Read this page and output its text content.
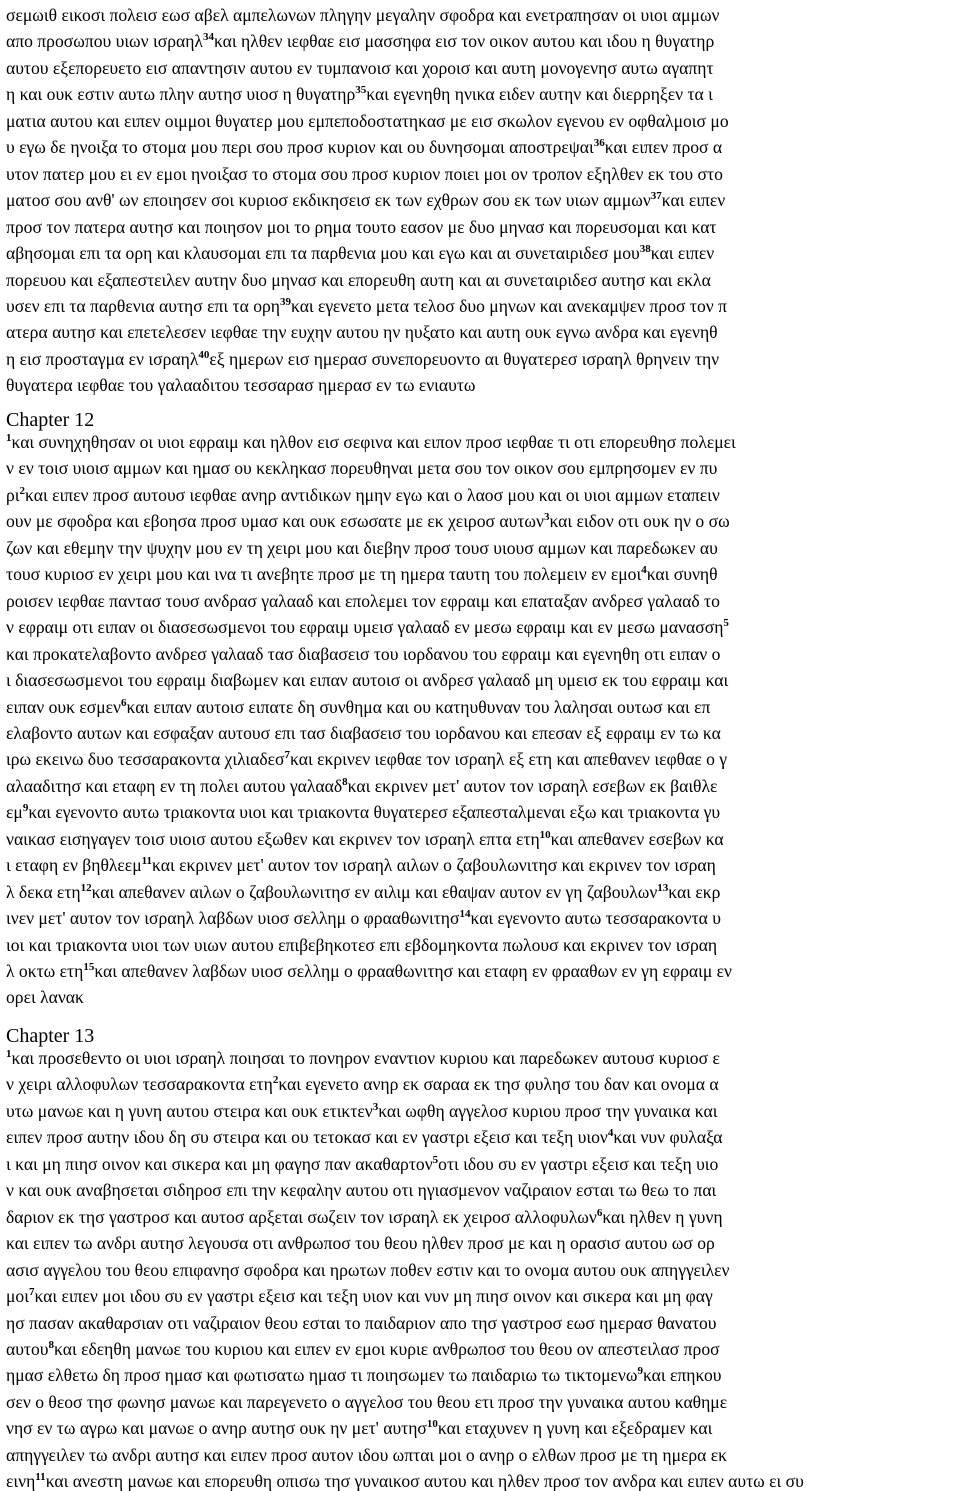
σεμωιθ εικοσι πολεισ εωσ αβελ αμπελωνων πληγην μεγαλην σφοδρα και ενετραπησαν οι υιοι αμμων
απο προσωπου υιων ισραηλ$^{34}$και ηλθεν ιεφθαε εισ μασσηφα εισ τον οικον αυτου και ιδου η θυγατηρ
αυτου εξεπορευετο εισ απαντησιν αυτου εν τυμπανοισ και χοροισ και αυτη μονογενησ αυτω αγαπητ
η και ουκ εστιν αυτω πλην αυτησ υιοσ η θυγατηρ$^{35}$και εγενηθη ηνικα ειδεν αυτην και διερρηξεν τα ι
ματια αυτου και ειπεν οιμμοι θυγατερ μου εμπεποδοστατηκασ με εισ σκωλον εγενου εν οφθαλμοισ μο
υ εγω δε ηνοιξα το στομα μου περι σου προσ κυριον και ου δυνησομαι αποστρεψαι$^{36}$και ειπεν προσ α
υτον πατερ μου ει εν εμοι ηνοιξασ το στομα σου προσ κυριον ποιει μοι ον τροπον εξηλθεν εκ του στο
ματοσ σου ανθ' ων εποιησεν σοι κυριοσ εκδικησεισ εκ των εχθρων σου εκ των υιων αμμων$^{37}$και ειπεν
προσ τον πατερα αυτησ και ποιησον μοι το ρημα τουτο εασον με δυο μηνασ και πορευσομαι και κατ
αβησομαι επι τα ορη και κλαυσομαι επι τα παρθενια μου και εγω και αι συνεταιριδεσ μου$^{38}$και ειπεν
πορευου και εξαπεστειλεν αυτην δυο μηνασ και επορευθη αυτη και αι συνεταιριδεσ αυτησ και εκλα
υσεν επι τα παρθενια αυτησ επι τα ορη$^{39}$και εγενετο μετα τελοσ δυο μηνων και ανεκαμψεν προσ τον π
ατερα αυτησ και επετελεσεν ιεφθαε την ευχην αυτου ην ηυξατο και αυτη ουκ εγνω ανδρα και εγενηθ
η εισ προσταγμα εν ισραηλ$^{40}$εξ ημερων εισ ημερασ συνεπορευοντο αι θυγατερεσ ισραηλ θρηνειν την
θυγατερα ιεφθαε του γαλααδιτου τεσσαρασ ημερασ εν τω ενιαυτω
Chapter 12
$^1$και συνηχηθησαν οι υιοι εφραιμ και ηλθον εισ σεφινα και ειπον προσ ιεφθαε τι οτι επορευθησ πολεμει
ν εν τοισ υιοισ αμμων και ημασ ου κεκληκασ πορευθηναι μετα σου τον οικον σου εμπρησομεν εν πυ
$\rho\iota^2\kappa\alpha\iota$ ειπεν προσ αυτουσ ιεφθαε ανηρ αντιδικων ημην εγω και ο λαοσ μου και οι υιοι αμμων εταπειν
ουν με σφοδρα και εβοησα προσ υμασ και ουκ εσωσατε με εκ χειροσ αυτων$^3$και ειδον οτι ουκ ην ο σω
ζων και εθεμην την ψυχην μου εν τη χειρι μου και διεβην προσ τουσ υιουσ αμμων και παρεδωκεν αυ
τουσ κυριοσ εν χειρι μου και ινα τι ανεβητε προσ με τη ημερα ταυτη του πολεμειν εν εμοι$^4$και συνηθ
ροισεν ιεφθαε παντασ τουσ ανδρασ γαλααδ και επολεμει τον εφραιμ και επαταξαν ανδρεσ γαλααδ το
ν εφραιμ οτι ειπαν οι διασεσωσμενοι του εφραιμ υμεισ γαλααδ εν μεσω εφραιμ και εν μεσω μανασση$^5$
και προκατελαβοντο ανδρεσ γαλααδ τασ διαβασεισ του ιορδανου του εφραιμ και εγενηθη οτι ειπαν ο
ι διασεσωσμενοι του εφραιμ διαβωμεν και ειπαν αυτοισ οι ανδρεσ γαλααδ μη υμεισ εκ του εφραιμ και
ειπαν ουκ εσμεν$^6$και ειπαν αυτοισ ειπατε δη συνθημα και ου κατηυθυναν του λαλησαι ουτωσ και επ
ελαβοντο αυτων και εσφαξαν αυτουσ επι τασ διαβασεισ του ιορδανου και επεσαν εξ εφραιμ εν τω κα
ιρω εκεινω δυο τεσσαρακοντα χιλιαδεσ$^7$και εκρινεν ιεφθαε τον ισραηλ εξ ετη και απεθανεν ιεφθαε ο γ
αλααδιτησ και εταφη εν τη πολει αυτου γαλααδ$^8$και εκρινεν μετ' αυτον τον ισραηλ εσεβων εκ βαιθλε
$\varepsilon\mu^9\kappa\alpha\iota$ εγενοντο αυτω τριακοντα υιοι και τριακοντα θυγατερεσ εξαπεσταλμεναι εξω και τριακοντα γυ
ναικασ εισηγαγεν τοισ υιοισ αυτου εξωθεν και εκρινεν τον ισραηλ επτα ετη$^{10}$και απεθανεν εσεβων κα
ι εταφη εν βηθλεεμ$^{11}$και εκρινεν μετ' αυτον τον ισραηλ αιλων ο ζαβουλωνιτησ και εκρινεν τον ισραη
λ δεκα ετη$^{12}$και απεθανεν αιλων ο ζαβουλωνιτησ εν αιλιμ και εθαψαν αυτον εν γη ζαβουλων$^{13}$και εκρ
ινεν μετ' αυτον τον ισραηλ λαβδων υιοσ σελλημ ο φρααθωνιτησ$^{14}$και εγενοντο αυτω τεσσαρακοντα υ
ιοι και τριακοντα υιοι των υιων αυτου επιβεβηκοτεσ επι εβδομηκοντα πωλουσ και εκρινεν τον ισραη
λ οκτω ετη$^{15}$και απεθανεν λαβδων υιοσ σελλημ ο φρααθωνιτησ και εταφη εν φρααθων εν γη εφραιμ εν
ορει λανακ
Chapter 13
$^1$και προσεθεντο οι υιοι ισραηλ ποιησαι το πονηρον εναντιον κυριου και παρεδωκεν αυτουσ κυριοσ ε
ν χειρι αλλοφυλων τεσσαρακοντα ετη$^2$και εγενετο ανηρ εκ σαραα εκ τησ φυλησ του δαν και ονομα α
υτω μανωε και η γυνη αυτου στειρα και ουκ ετικτεν$^3$και ωφθη αγγελοσ κυριου προσ την γυναικα και
ειπεν προσ αυτην ιδου δη συ στειρα και ου τετοκασ και εν γαστρι εξεισ και τεξη υιον$^4$και νυν φυλαξα
ι και μη πιησ οινον και σικερα και μη φαγησ παν ακαθαρτον$^5$οτι ιδου συ εν γαστρι εξεισ και τεξη υιο
ν και ουκ αναβησεται σιδηροσ επι την κεφαλην αυτου οτι ηγιασμενον ναζιραιον εσται τω θεω το παι
δαριον εκ τησ γαστροσ και αυτοσ αρξεται σωζειν τον ισραηλ εκ χειροσ αλλοφυλων$^6$και ηλθεν η γυνη
και ειπεν τω ανδρι αυτησ λεγουσα οτι ανθρωποσ του θεου ηλθεν προσ με και η ορασισ αυτου ωσ ορ
ασισ αγγελου του θεου επιφανησ σφοδρα και ηρωτων ποθεν εστιν και το ονομα αυτου ουκ απηγγειλεν
μοι$^7$και ειπεν μοι ιδου συ εν γαστρι εξεισ και τεξη υιον και νυν μη πιησ οινον και σικερα και μη φαγ
ησ πασαν ακαθαρσιαν οτι ναζιραιον θεου εσται το παιδαριον απο τησ γαστροσ εωσ ημερασ θανατου
αυτου$^8$και εδεηθη μανωε του κυριου και ειπεν εν εμοι κυριε ανθρωποσ του θεου ον απεστειλασ προσ
ημασ ελθετω δη προσ ημασ και φωτισατω ημασ τι ποιησωμεν τω παιδαριω τω τικτομενω$^9$και επηκου
σεν ο θεοσ τησ φωνησ μανωε και παρεγενετο ο αγγελοσ του θεου ετι προσ την γυναικα αυτου καθημε
νησ εν τω αγρω και μανωε ο ανηρ αυτησ ουκ ην μετ' αυτησ$^{10}$και εταχυνεν η γυνη και εξεδραμεν και
απηγγειλεν τω ανδρι αυτησ και ειπεν προσ αυτον ιδου ωπται μοι ο ανηρ ο ελθων προσ με τη ημερα εκ
εινη$^{11}$και ανεστη μανωε και επορευθη οπισω τησ γυναικοσ αυτου και ηλθεν προσ τον ανδρα και ειπεν αυτω ει συ
